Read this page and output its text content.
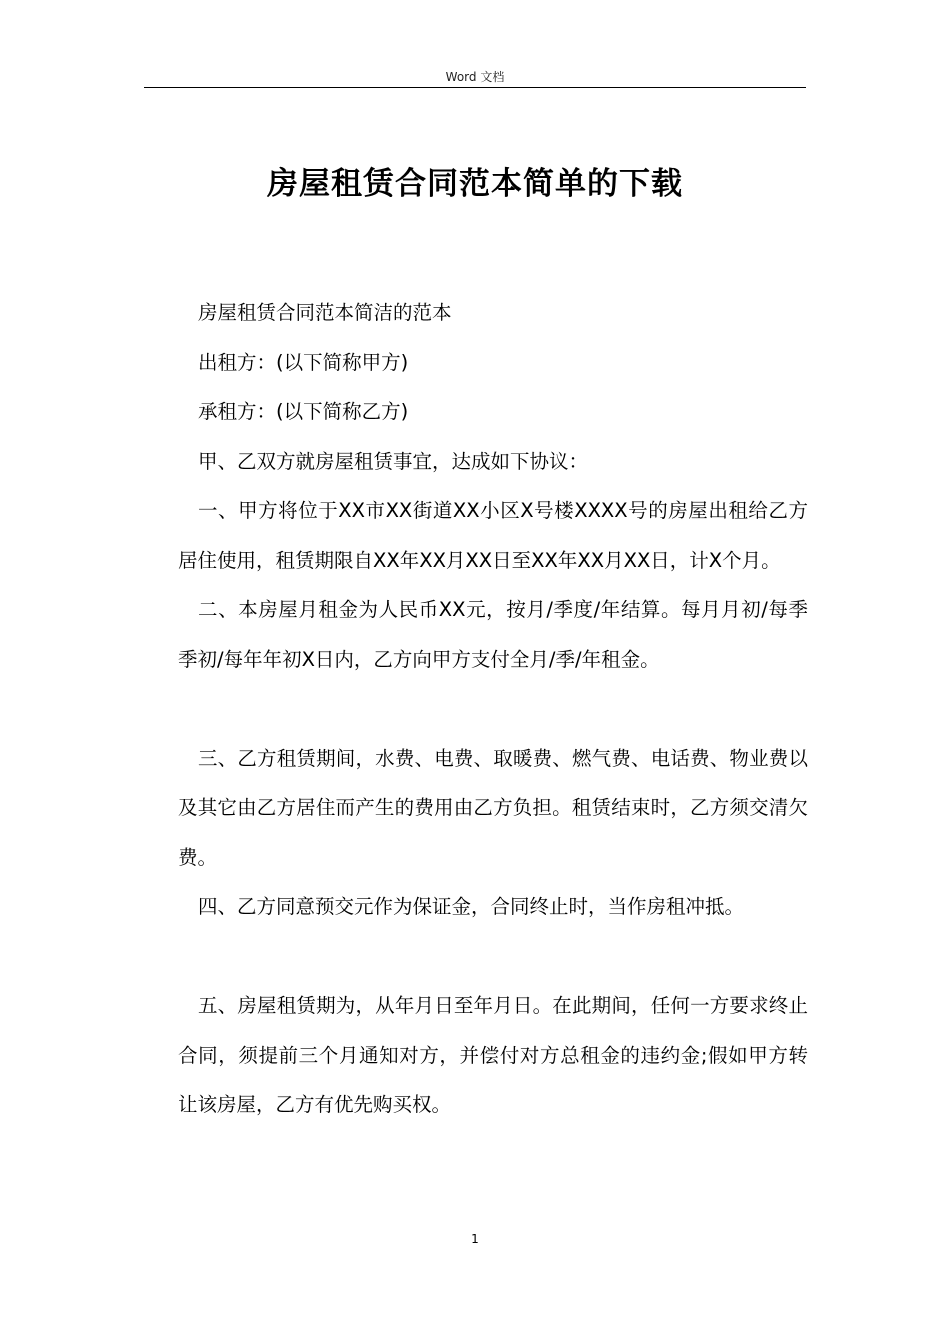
Word 文档
房屋租赁合同范本简单的下载

房屋租赁合同范本简洁的范本

出租方：(以下简称甲方)

承租方：(以下简称乙方)

甲、乙双方就房屋租赁事宜，达成如下协议：

一、甲方将位于XX市XX街道XX小区X号楼XXXX号的房屋出租给乙方居住使用，租赁期限自XX年XX月XX日至XX年XX月XX日，计X个月。

二、本房屋月租金为人民币XX元，按月/季度/年结算。每月月初/每季季初/每年年初X日内，乙方向甲方支付全月/季/年租金。

三、乙方租赁期间，水费、电费、取暖费、燃气费、电话费、物业费以及其它由乙方居住而产生的费用由乙方负担。租赁结束时，乙方须交清欠费。

四、乙方同意预交元作为保证金，合同终止时，当作房租冲抵。

五、房屋租赁期为，从年月日至年月日。在此期间，任何一方要求终止合同，须提前三个月通知对方，并偿付对方总租金的违约金;假如甲方转让该房屋，乙方有优先购买权。

1
